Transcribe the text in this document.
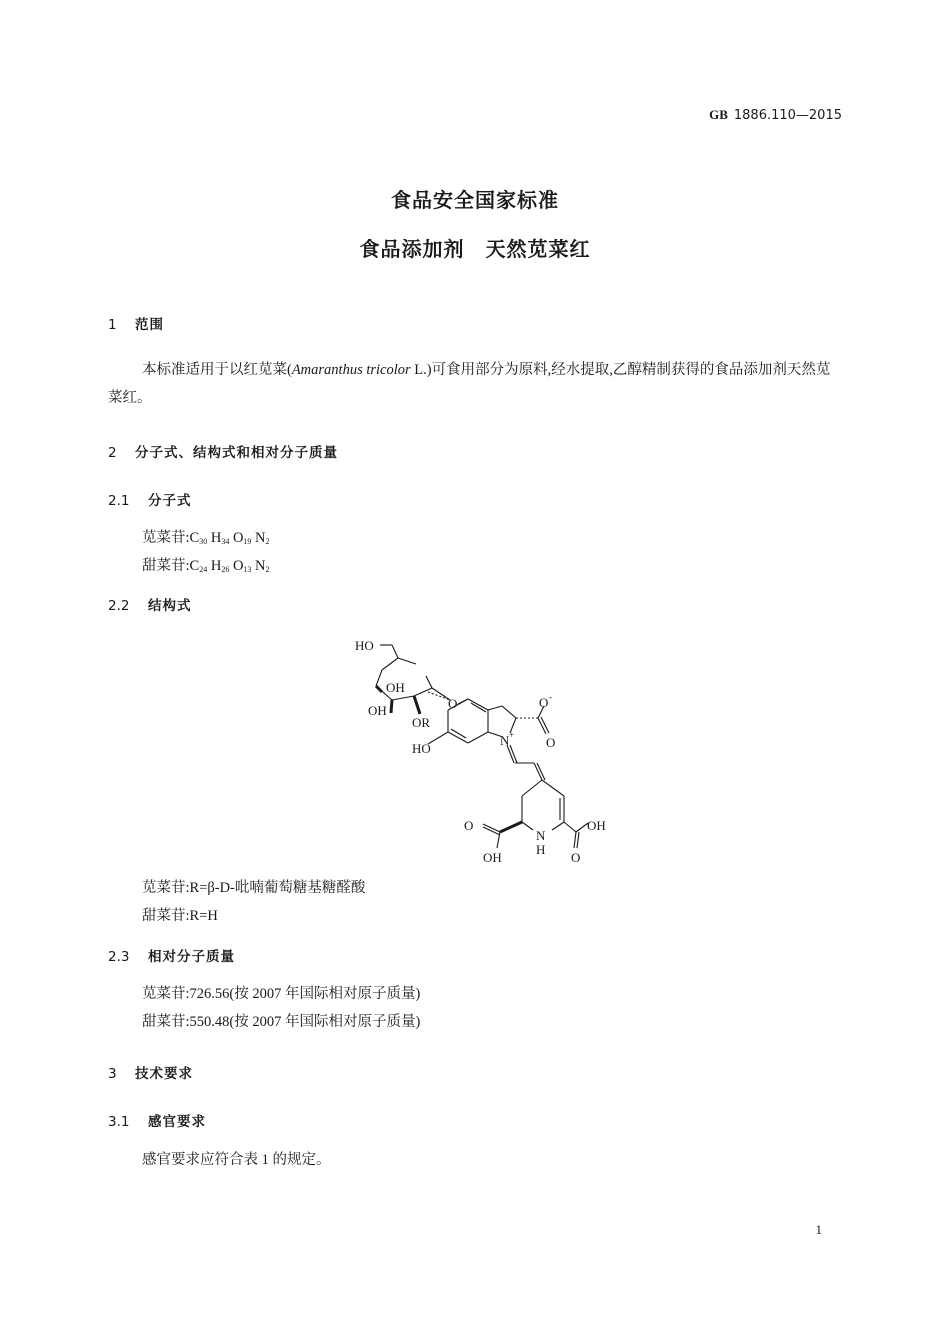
GB 1886.110—2015
食品安全国家标准
食品添加剂　天然苋菜红
1 范围
本标准适用于以红苋菜(Amaranthus tricolor L.)可食用部分为原料,经水提取,乙醇精制获得的食品添加剂天然苋菜红。
2 分子式、结构式和相对分子质量
2.1 分子式
苋菜苷$:C_{30}$ $H_{34}$ $O_{19}$ $N_2$
甜菜苷$:C_{24}$ $H_{26}$ $O_{13}$ $N_2$
2.2 结构式
HO
OH
OH
OR
O
HO
N +
O -
O
O
OH
N
H
OH
O
苋菜苷:R=β-D-吡喃葡萄糖基糖醛酸
甜菜苷:R=H
2.3 相对分子质量
苋菜苷:726.56(按 2007 年国际相对原子质量)
甜菜苷:550.48(按 2007 年国际相对原子质量)
3 技术要求
3.1 感官要求
感官要求应符合表 1 的规定。
1
